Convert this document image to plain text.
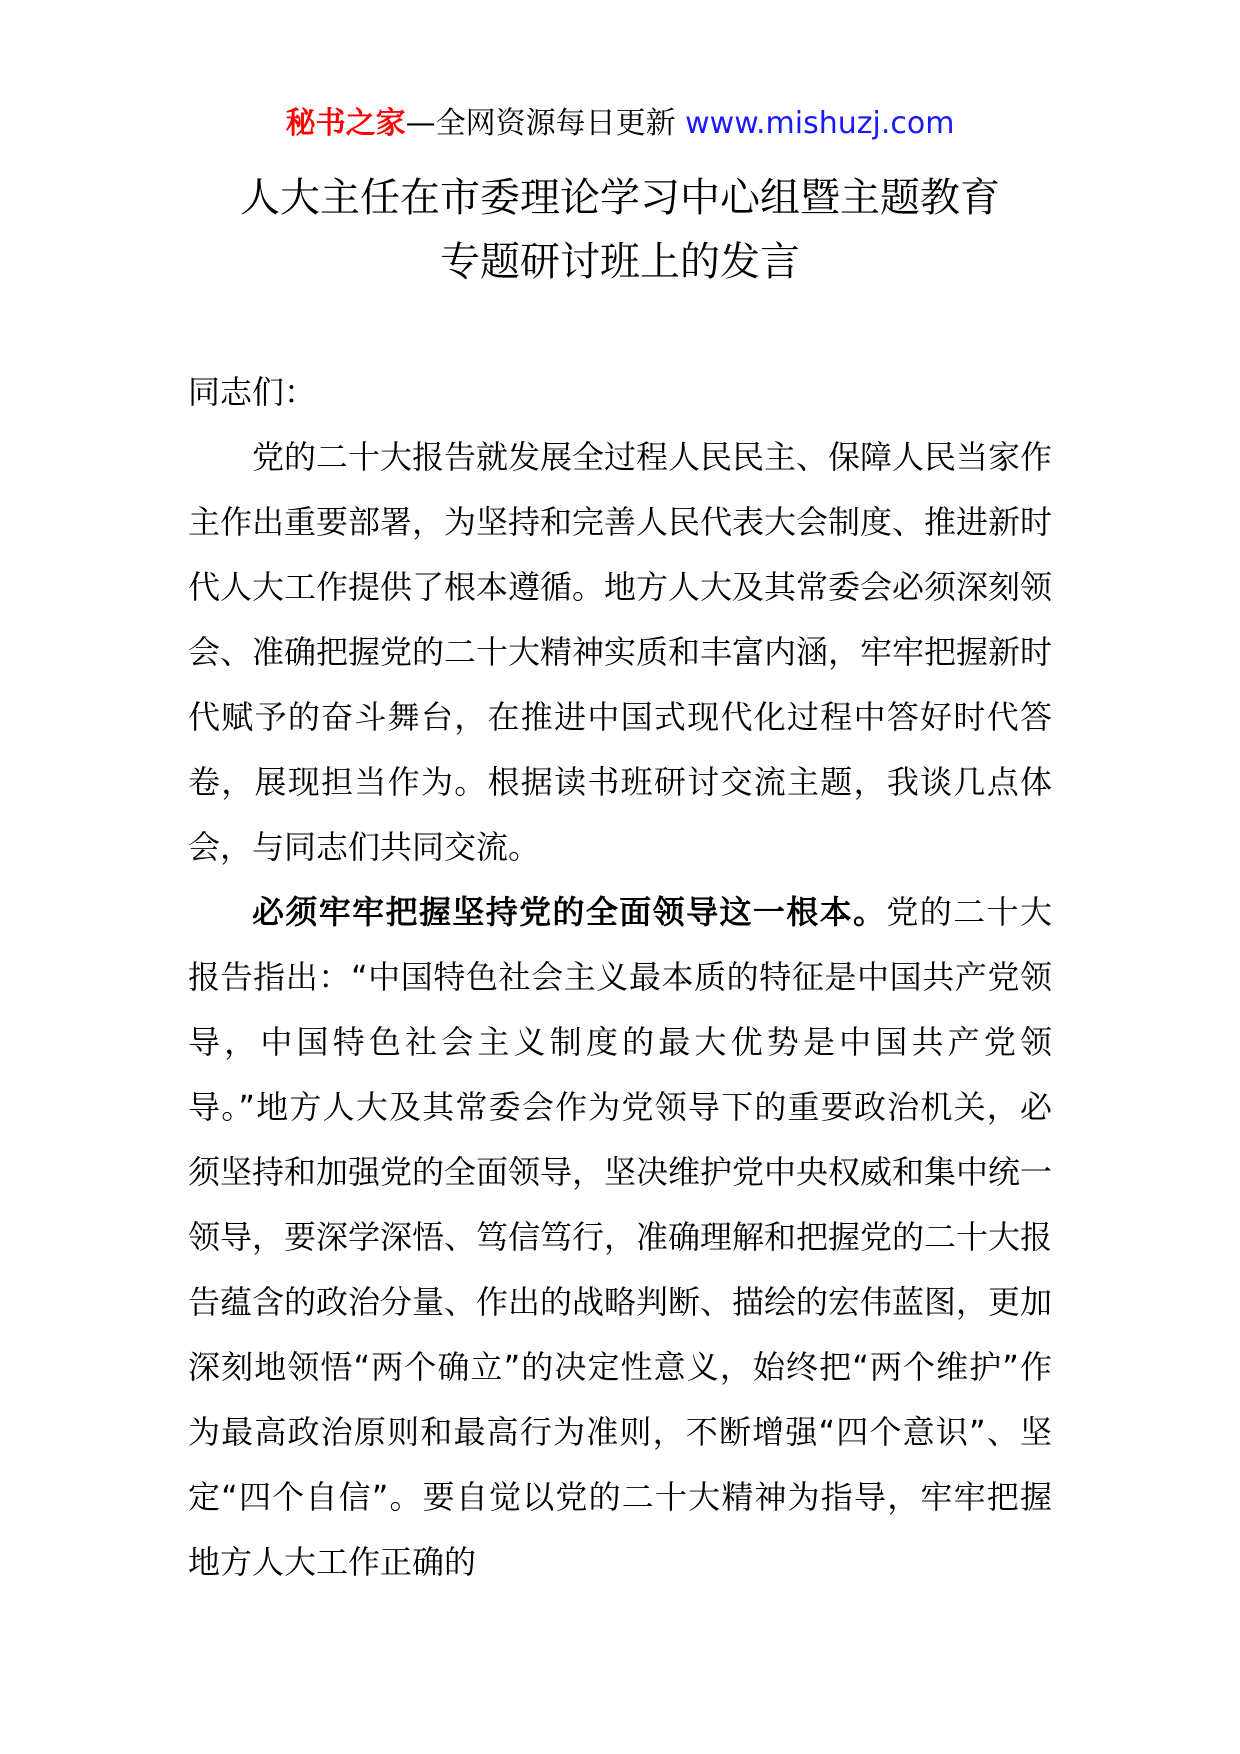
秘书之家—全网资源每日更新 www.mishuzj.com
人大主任在市委理论学习中心组暨主题教育
专题研讨班上的发言

同志们：

党的二十大报告就发展全过程人民民主、保障人民当家作主作出重要部署，为坚持和完善人民代表大会制度、推进新时代人大工作提供了根本遵循。地方人大及其常委会必须深刻领会、准确把握党的二十大精神实质和丰富内涵，牢牢把握新时代赋予的奋斗舞台，在推进中国式现代化过程中答好时代答卷，展现担当作为。根据读书班研讨交流主题，我谈几点体会，与同志们共同交流。

必须牢牢把握坚持党的全面领导这一根本。党的二十大报告指出：“中国特色社会主义最本质的特征是中国共产党领导，中国特色社会主义制度的最大优势是中国共产党领导。”地方人大及其常委会作为党领导下的重要政治机关，必须坚持和加强党的全面领导，坚决维护党中央权威和集中统一领导，要深学深悟、笃信笃行，准确理解和把握党的二十大报告蕴含的政治分量、作出的战略判断、描绘的宏伟蓝图，更加深刻地领悟“两个确立”的决定性意义，始终把“两个维护”作为最高政治原则和最高行为准则，不断增强“四个意识”、坚定“四个自信”。要自觉以党的二十大精神为指导，牢牢把握地方人大工作正确的
